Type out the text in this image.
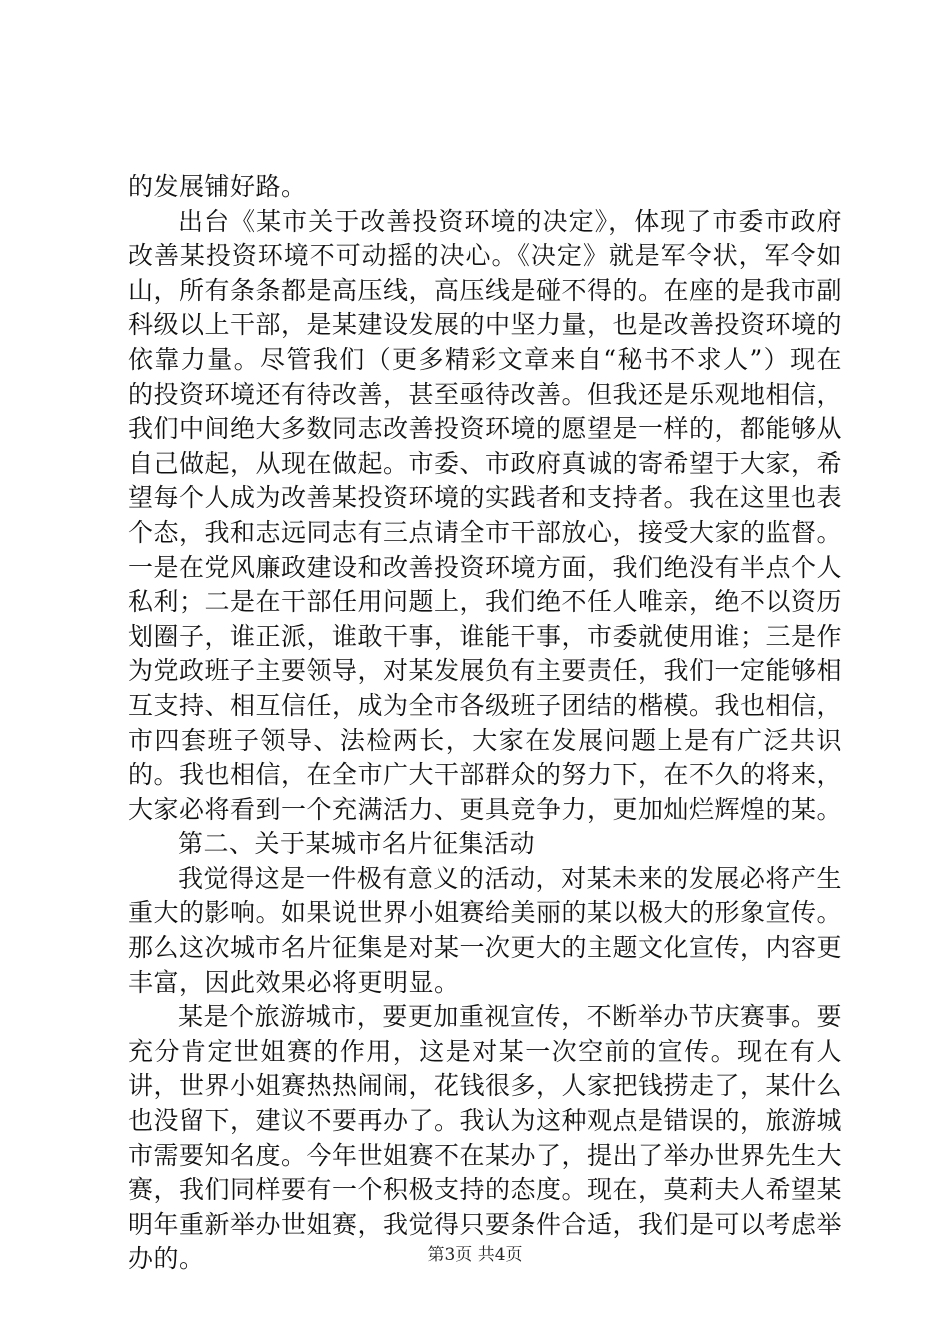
的发展铺好路。

出台《某市关于改善投资环境的决定》，体现了市委市政府改善某投资环境不可动摇的决心。《决定》就是军令状，军令如山，所有条条都是高压线，高压线是碰不得的。在座的是我市副科级以上干部，是某建设发展的中坚力量，也是改善投资环境的依靠力量。尽管我们（更多精彩文章来自“秘书不求人”）现在的投资环境还有待改善，甚至亟待改善。但我还是乐观地相信，我们中间绝大多数同志改善投资环境的愿望是一样的，都能够从自己做起，从现在做起。市委、市政府真诚的寄希望于大家，希望每个人成为改善某投资环境的实践者和支持者。我在这里也表个态，我和志远同志有三点请全市干部放心，接受大家的监督。一是在党风廉政建设和改善投资环境方面，我们绝没有半点个人私利；二是在干部任用问题上，我们绝不任人唯亲，绝不以资历划圈子，谁正派，谁敢干事，谁能干事，市委就使用谁；三是作为党政班子主要领导，对某发展负有主要责任，我们一定能够相互支持、相互信任，成为全市各级班子团结的楷模。我也相信，市四套班子领导、法检两长，大家在发展问题上是有广泛共识的。我也相信，在全市广大干部群众的努力下，在不久的将来，大家必将看到一个充满活力、更具竞争力，更加灿烂辉煌的某。

第二、关于某城市名片征集活动

我觉得这是一件极有意义的活动，对某未来的发展必将产生重大的影响。如果说世界小姐赛给美丽的某以极大的形象宣传。那么这次城市名片征集是对某一次更大的主题文化宣传，内容更丰富，因此效果必将更明显。

某是个旅游城市，要更加重视宣传，不断举办节庆赛事。要充分肯定世姐赛的作用，这是对某一次空前的宣传。现在有人讲，世界小姐赛热热闹闹，花钱很多，人家把钱捞走了，某什么也没留下，建议不要再办了。我认为这种观点是错误的，旅游城市需要知名度。今年世姐赛不在某办了，提出了举办世界先生大赛，我们同样要有一个积极支持的态度。现在，莫莉夫人希望某明年重新举办世姐赛，我觉得只要条件合适，我们是可以考虑举办的。	第3页 共4页
